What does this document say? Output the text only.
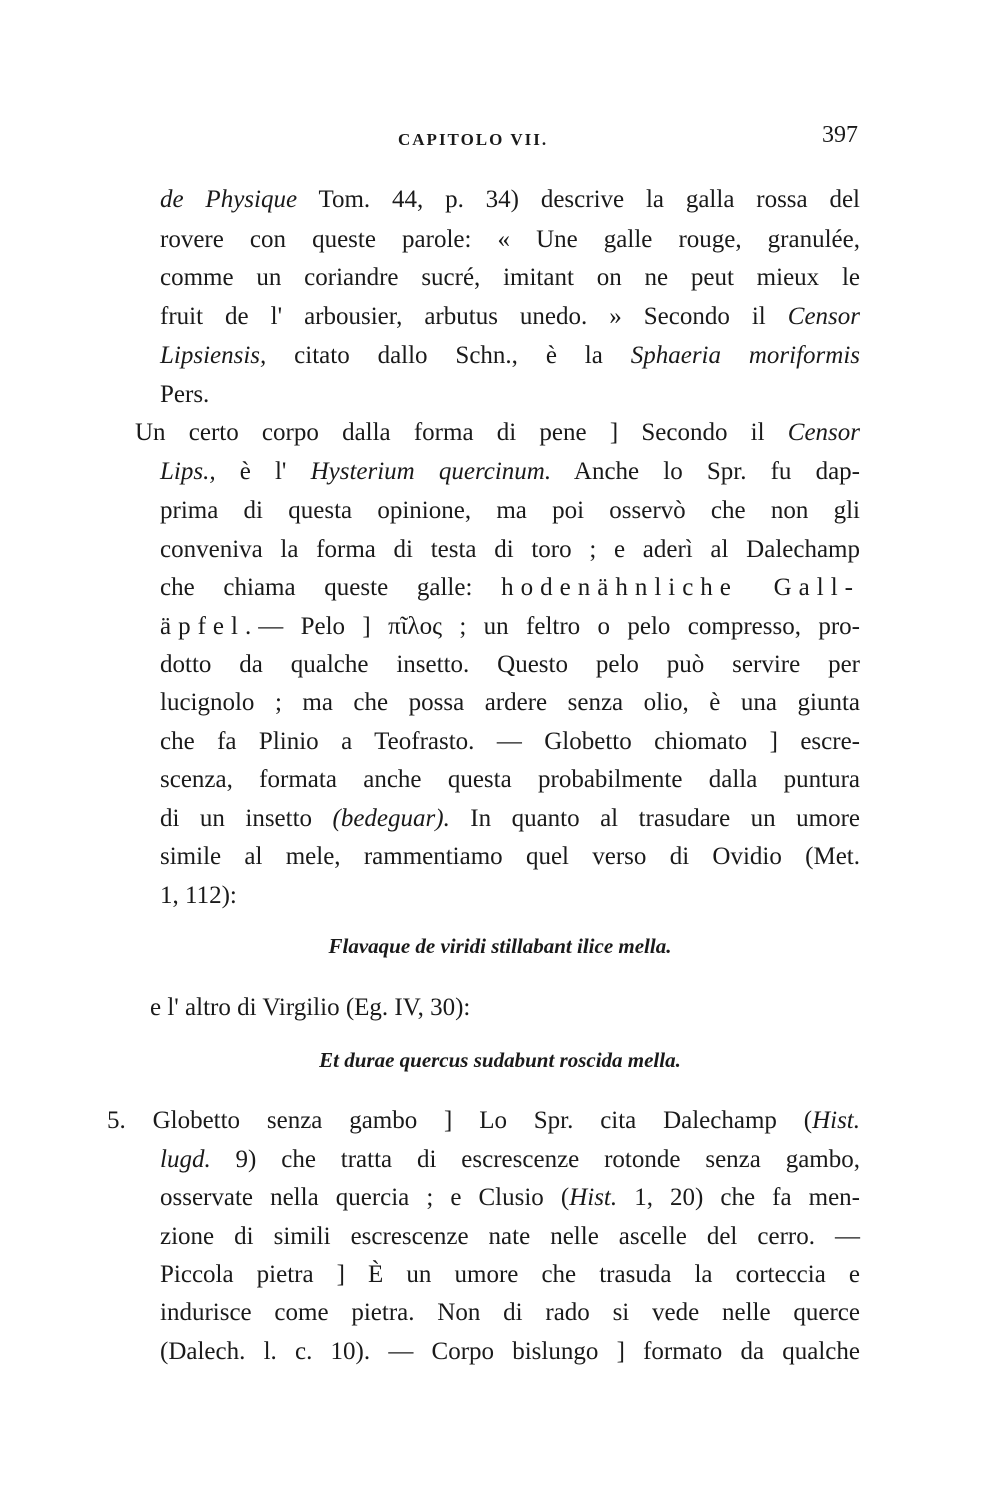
CAPITOLO VII.	397
de Physique Tom. 44, p. 34) descrive la galla rossa del
rovere con queste parole: « Une galle rouge, granulée,
comme un coriandre sucré, imitant on ne peut mieux le
fruit de l' arbousier, arbutus unedo. » Secondo il Censor
Lipsiensis, citato dallo Schn., è la Sphaeria moriformis
Pers.
Un certo corpo dalla forma di pene ] Secondo il Censor
Lips., è l' Hysterium quercinum. Anche lo Spr. fu dap-
prima di questa opinione, ma poi osservò che non gli
conveniva la forma di testa di toro ; e aderì al Dalechamp
che chiama queste galle: hodenähnliche Gall-
äpfel.— Pelo ] πῖλος ; un feltro o pelo compresso, pro-
dotto da qualche insetto. Questo pelo può servire per
lucignolo ; ma che possa ardere senza olio, è una giunta
che fa Plinio a Teofrasto. — Globetto chiomato ] escre-
scenza, formata anche questa probabilmente dalla puntura
di un insetto (bedeguar). In quanto al trasudare un umore
simile al mele, rammentiamo quel verso di Ovidio (Met.
1, 112):
Flavaque de viridi stillabant ilice mella.
e l' altro di Virgilio (Eg. IV, 30):
Et durae quercus sudabunt roscida mella.
5. Globetto senza gambo ] Lo Spr. cita Dalechamp (Hist.
lugd. 9) che tratta di escrescenze rotonde senza gambo,
osservate nella quercia ; e Clusio (Hist. 1, 20) che fa men-
zione di simili escrescenze nate nelle ascelle del cerro. —
Piccola pietra ] È un umore che trasuda la corteccia e
indurisce come pietra. Non di rado si vede nelle querce
(Dalech. l. c. 10). — Corpo bislungo ] formato da qualche
